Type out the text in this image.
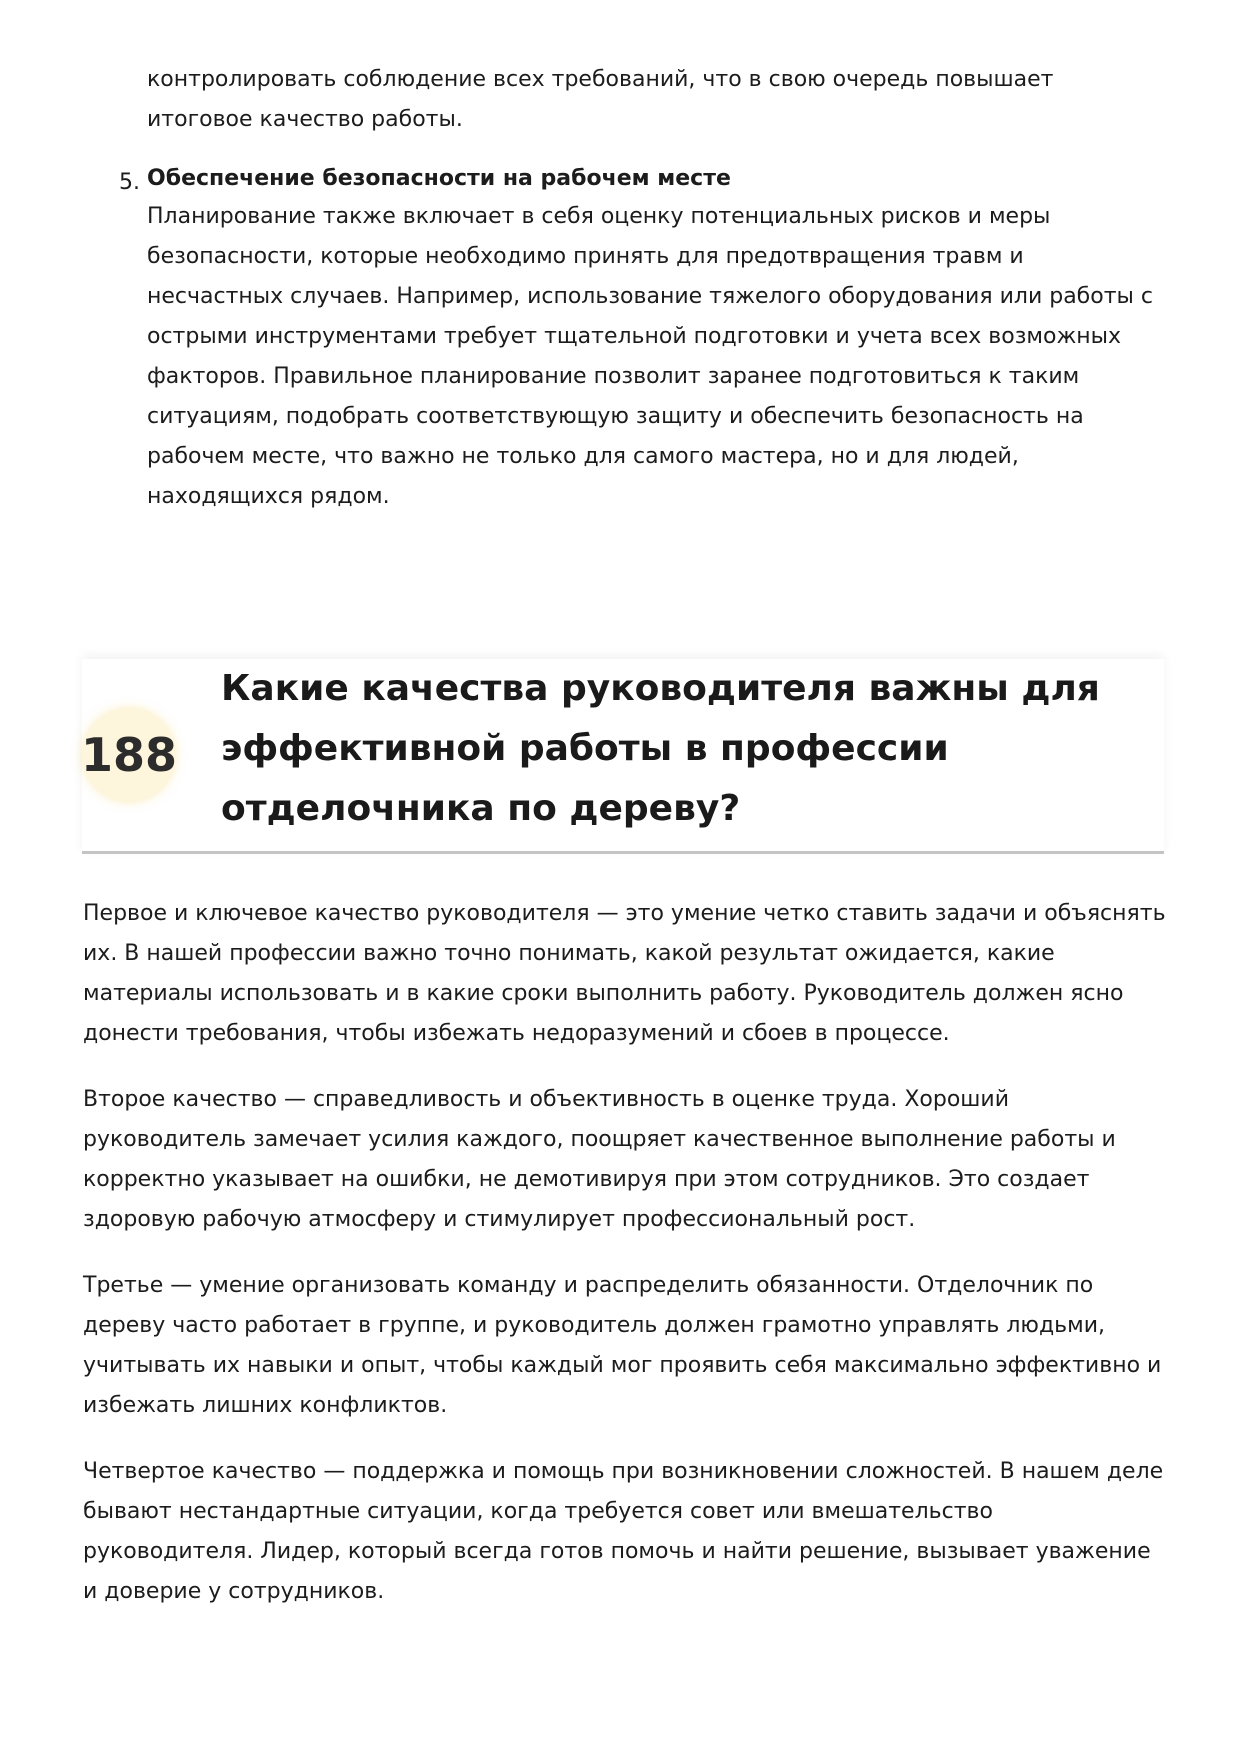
контролировать соблюдение всех требований, что в свою очередь повышает итоговое качество работы.

5. Обеспечение безопасности на рабочем месте

Планирование также включает в себя оценку потенциальных рисков и меры безопасности, которые необходимо принять для предотвращения травм и несчастных случаев. Например, использование тяжелого оборудования или работы с острыми инструментами требует тщательной подготовки и учета всех возможных факторов. Правильное планирование позволит заранее подготовиться к таким ситуациям, подобрать соответствующую защиту и обеспечить безопасность на рабочем месте, что важно не только для самого мастера, но и для людей, находящихся рядом.

188
Какие качества руководителя важны для эффективной работы в профессии отделочника по дереву?

Первое и ключевое качество руководителя — это умение четко ставить задачи и объяснять их. В нашей профессии важно точно понимать, какой результат ожидается, какие материалы использовать и в какие сроки выполнить работу. Руководитель должен ясно донести требования, чтобы избежать недоразумений и сбоев в процессе.

Второе качество — справедливость и объективность в оценке труда. Хороший руководитель замечает усилия каждого, поощряет качественное выполнение работы и корректно указывает на ошибки, не демотивируя при этом сотрудников. Это создает здоровую рабочую атмосферу и стимулирует профессиональный рост.

Третье — умение организовать команду и распределить обязанности. Отделочник по дереву часто работает в группе, и руководитель должен грамотно управлять людьми, учитывать их навыки и опыт, чтобы каждый мог проявить себя максимально эффективно и избежать лишних конфликтов.

Четвертое качество — поддержка и помощь при возникновении сложностей. В нашем деле бывают нестандартные ситуации, когда требуется совет или вмешательство руководителя. Лидер, который всегда готов помочь и найти решение, вызывает уважение и доверие у сотрудников.
